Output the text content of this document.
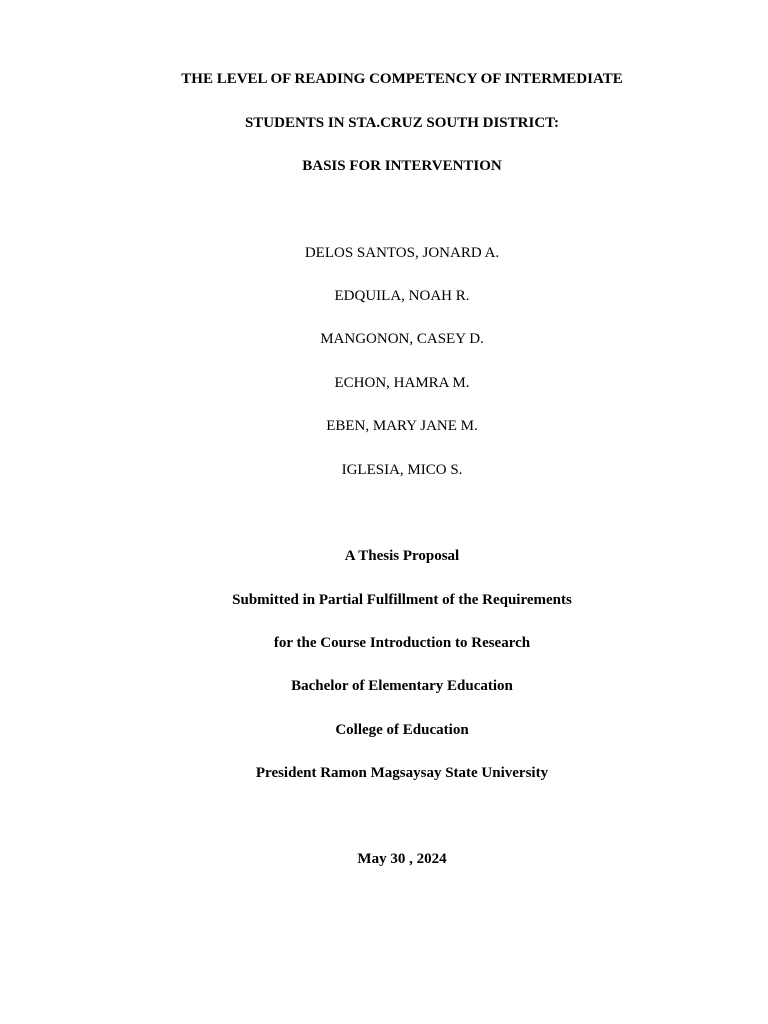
THE LEVEL OF READING COMPETENCY OF INTERMEDIATE
STUDENTS IN STA.CRUZ SOUTH DISTRICT:
BASIS FOR INTERVENTION
DELOS SANTOS, JONARD A.
EDQUILA, NOAH R.
MANGONON, CASEY D.
ECHON, HAMRA M.
EBEN, MARY JANE M.
IGLESIA, MICO S.
A Thesis Proposal
Submitted in Partial Fulfillment of the Requirements
for the Course Introduction to Research
Bachelor of Elementary Education
College of Education
President Ramon Magsaysay State University
May 30 , 2024
